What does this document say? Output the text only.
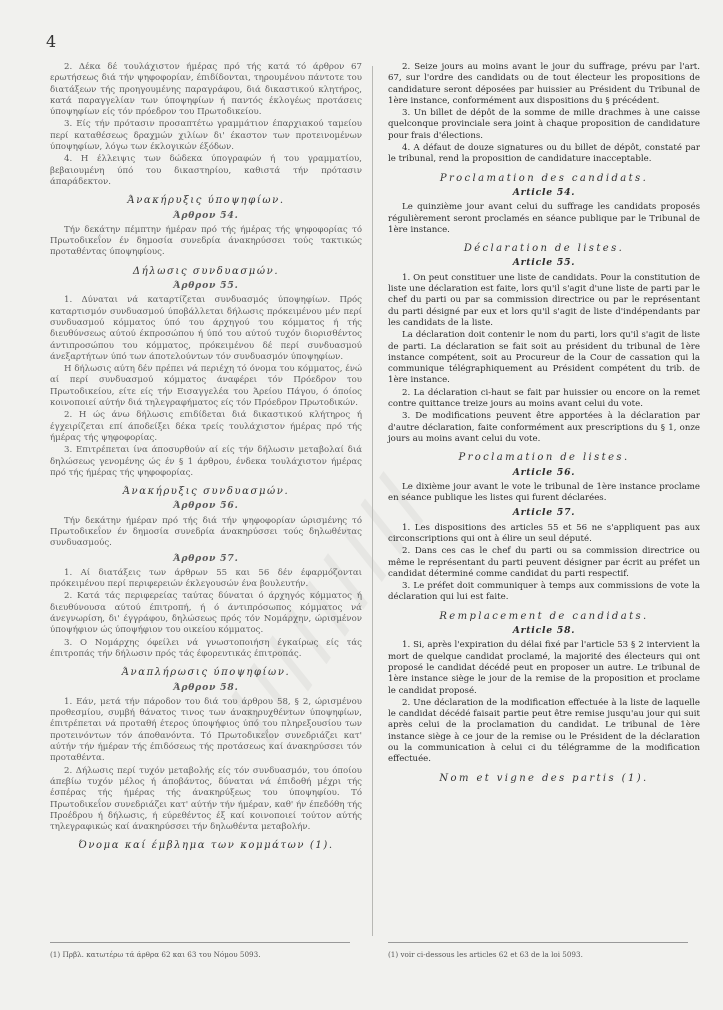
4

2. Δέκα δέ τουλάχιστον ήμέρας πρό τής κατά τό άρθρον 67 ερωτήσεως διά τήν ψηφοφορίαν, έπιδίδονται, τηρουμένου πάντοτε του διατάξεων τής προηγουμένης παραγράφου, διά δικαστικού κλητήρος, κατά παραγγελίαν των ύποψηφίων ή παντός έκλογέως προτάσεις ύποψηφίων είς τόν πρόεδρον του Πρωτοδικείου.

3. Είς τήν πρότασιν προσαπτέτω γραμμάτιον έπαρχιακού ταμείου περί καταθέσεως δραχμών χιλίων δι' έκαστον των προτεινομένων ύποψηφίων, λόγω των έκλογικών έξόδων.

4. Η έλλειψις των δώδεκα ύπογραφών ή του γραμματίου, βεβαιουμένη ύπό του δικαστηρίου, καθιστά τήν πρότασιν άπαράδεκτον.

Άνακήρυξις ύποψηφίων.
Άρθρον 54.

Τήν δεκάτην πέμπτην ήμέραν πρό τής ήμέρας τής ψηφοφορίας τό Πρωτοδικεΐον έν δημοσία συνεδρία άνακηρύσσει τούς τακτικώς προταθέντας ύποψηφίους.

Δήλωσις συνδυασμών.
Άρθρον 55.

1. Δύναται νά καταρτίζεται συνδυασμός ύποψηφίων. Πρός καταρτισμόν συνδυασμού ύποβάλλεται δήλωσις πρόκειμένου μέν περί συνδυασμού κόμματος ύπό του άρχηγού του κόμματος ή τής διευθύνσεως αύτού έκπροσώπου ή ύπό του αύτού τυχόν διορισθέντος άντιπροσώπου του κόμματος, πρόκειμένου δέ περί συνδυασμού άνεξαρτήτων ύπό των άποτελούντων τόν συνδυασμόν ύποψηφίων.

Η δήλωσις αύτη δέν πρέπει νά περιέχη τό όνομα του κόμματος, ένώ αί περί συνδυασμού κόμματος άναφέρει τόν Πρόεδρον του Πρωτοδικείου, είτε είς τήν Εισαγγελέα του Άρείου Πάγου, ό όποίος κοινοποιεί αύτήν διά τηλεγραφήματος είς τόν Πρόεδρον Πρωτοδικών.

2. Η ώς άνω δήλωσις επιδίδεται διά δικαστικού κλήτηρος ή έγχειρίζεται επί άποδείξει δέκα τρείς τουλάχιστον ήμέρας πρό τής ήμέρας τής ψηφοφορίας.

3. Επιτρέπεται ίνα άποσυρθούν αί είς τήν δήλωσιν μεταβολαί διά δηλώσεως γενομένης ώς έν § 1 άρθρου, ένδεκα τουλάχιστον ήμέρας πρό τής ήμέρας τής ψηφοφορίας.

Άνακήρυξις συνδυασμών.
Άρθρον 56.

Τήν δεκάτην ήμέραν πρό τής διά τήν ψηφοφορίαν ώρισμένης τό Πρωτοδικεΐον έν δημοσία συνεδρία άνακηρύσσει τούς δηλωθέντας συνδυασμούς.

Άρθρον 57.

1. Αί διατάξεις των άρθρων 55 και 56 δέν έφαρμόζονται πρόκειμένου περί περιφερειών έκλεγουσών ένα βουλευτήν.

2. Κατά τάς περιφερείας ταύτας δύναται ό άρχηγός κόμματος ή διευθύνουσα αύτού έπιτροπή, ή ό άντιπρόσωπος κόμματος νά άνεγνωρίση, δι' έγγράφου, δηλώσεως πρός τόν Νομάρχην, ώρισμένον ύποψήφιον ώς ύποψήφιον του οικείου κόμματος.

3. Ο Νομάρχης όφείλει νά γνωστοποιήση έγκαίρως είς τάς έπιτροπάς τήν δήλωσιν πρός τάς έφορευτικάς έπιτροπάς.

Άναπλήρωσις ύποψηφίων.
Άρθρον 58.

1. Εάν, μετά τήν πάροδον του διά του άρθρου 58, § 2, ώρισμένου προθεσμίου, συμβή θάνατος τινος των άνακηρυχθέντων ύποψηφίων, έπιτρέπεται νά προταθή έτερος ύποψήφιος ύπό του πληρεξουσίου των προτεινόντων τόν άποθανόντα. Τό Πρωτοδικεΐον συνεδριάζει κατ' αύτήν τήν ήμέραν τής έπιδόσεως τής προτάσεως καί άνακηρύσσει τόν προταθέντα.

2. Δήλωσις περί τυχόν μεταβολής είς τόν συνδυασμόν, του όποίου άπεβίω τυχόν μέλος ή άποβάντος, δύναται νά έπιδοθή μέχρι τής έσπέρας τής ήμέρας τής άνακηρύξεως του ύποψηφίου. Τό Πρωτοδικεΐον συνεδριάζει κατ' αύτήν τήν ήμέραν, καθ' ήν έπεδόθη τής Προέδρου ή δήλωσις, ή εύρεθέντος έξ καί κοινοποιεί τούτον αύτής τηλεγραφικώς καί άνακηρύσσει τήν δηλωθέντα μεταβολήν.

Όνομα καί έμβλημα των κομμάτων (1).

2. Seize jours au moins avant le jour du suffrage, prévu par l'art. 67, sur l'ordre des candidats ou de tout électeur les propositions de candidature seront déposées par huissier au Président du Tribunal de 1ère instance, conformément aux dispositions du § précédent.

3. Un billet de dépôt de la somme de mille drachmes à une caisse quelconque provinciale sera joint à chaque proposition de candidature pour frais d'élections.

4. A défaut de douze signatures ou du billet de dépôt, constaté par le tribunal, rend la proposition de candidature inacceptable.

Proclamation des candidats.
Article 54.

Le quinzième jour avant celui du suffrage les candidats proposés régulièrement seront proclamés en séance publique par le Tribunal de 1ère instance.

Déclaration de listes.
Article 55.

1. On peut constituer une liste de candidats. Pour la constitution de liste une déclaration est faite, lors qu'il s'agit d'une liste de parti par le chef du parti ou par sa commission directrice ou par le représentant du parti désigné par eux et lors qu'il s'agit de liste d'indépendants par les candidats de la liste.

La déclaration doit contenir le nom du parti, lors qu'il s'agit de liste de parti. La déclaration se fait soit au président du tribunal de 1ère instance compétent, soit au Procureur de la Cour de cassation qui la communique télégraphiquement au Président compétent du trib. de 1ère instance.

2. La déclaration ci-haut se fait par huissier ou encore on la remet contre quittance treize jours au moins avant celui du vote.

3. De modifications peuvent être apportées à la déclaration par d'autre déclaration, faite conformément aux prescriptions du § 1, onze jours au moins avant celui du vote.

Proclamation de listes.
Article 56.

Le dixième jour avant le vote le tribunal de 1ère instance proclame en séance publique les listes qui furent déclarées.

Article 57.

1. Les dispositions des articles 55 et 56 ne s'appliquent pas aux circonscriptions qui ont à élire un seul député.

2. Dans ces cas le chef du parti ou sa commission directrice ou même le représentant du parti peuvent désigner par écrit au préfet un candidat déterminé comme candidat du parti respectif.

3. Le préfet doit communiquer à temps aux commissions de vote la déclaration qui lui est faite.

Remplacement de candidats.
Article 58.

1. Si, après l'expiration du délai fixé par l'article 53 § 2 intervient la mort de quelque candidat proclamé, la majorité des électeurs qui ont proposé le candidat décédé peut en proposer un autre. Le tribunal de 1ère instance siège le jour de la remise de la proposition et proclame le candidat proposé.

2. Une déclaration de la modification effectuée à la liste de laquelle le candidat décédé faisait partie peut être remise jusqu'au jour qui suit après celui de la proclamation du candidat. Le tribunal de 1ère instance siège à ce jour de la remise ou le Président de la déclaration ou la communication à celui ci du télégramme de la modification effectuée.

Nom et vigne des partis (1).
(1) Πρβλ. κατωτέρω τά άρθρα 62 και 63 του Νόμου 5093.	(1) voir ci-dessous les articles 62 et 63 de la loi 5093.
